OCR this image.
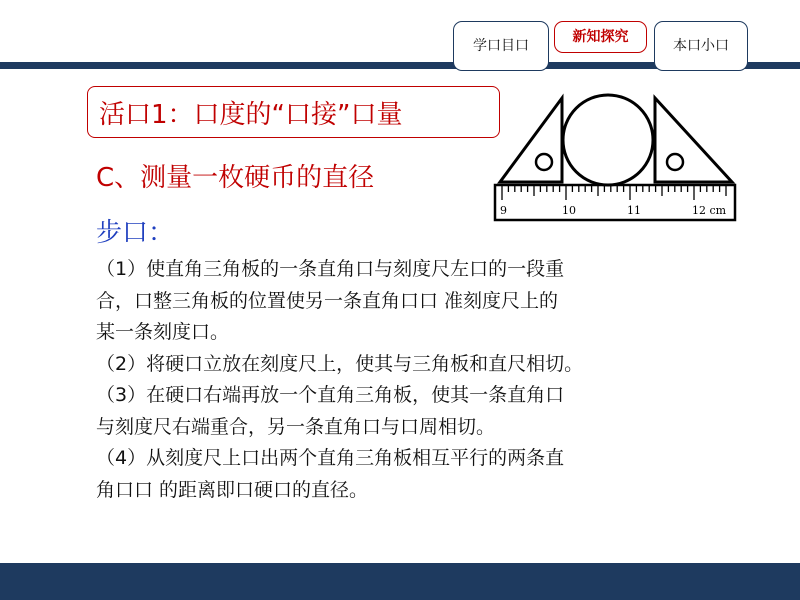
学口目口
新知探究
本口小口
活口1：口度的“口接”口量
C、测量一枚硬币的直径
步口：
（1）使直角三角板的一条直角口与刻度尺左口的一段重
合，口整三角板的位置使另一条直角口口 准刻度尺上的
某一条刻度口。
（2）将硬口立放在刻度尺上，使其与三角板和直尺相切。
（3）在硬口右端再放一个直角三角板，使其一条直角口
与刻度尺右端重合，另一条直角口与口周相切。
（4）从刻度尺上口出两个直角三角板相互平行的两条直
角口口 的距离即口硬口的直径。
9	10	11	12 cm
